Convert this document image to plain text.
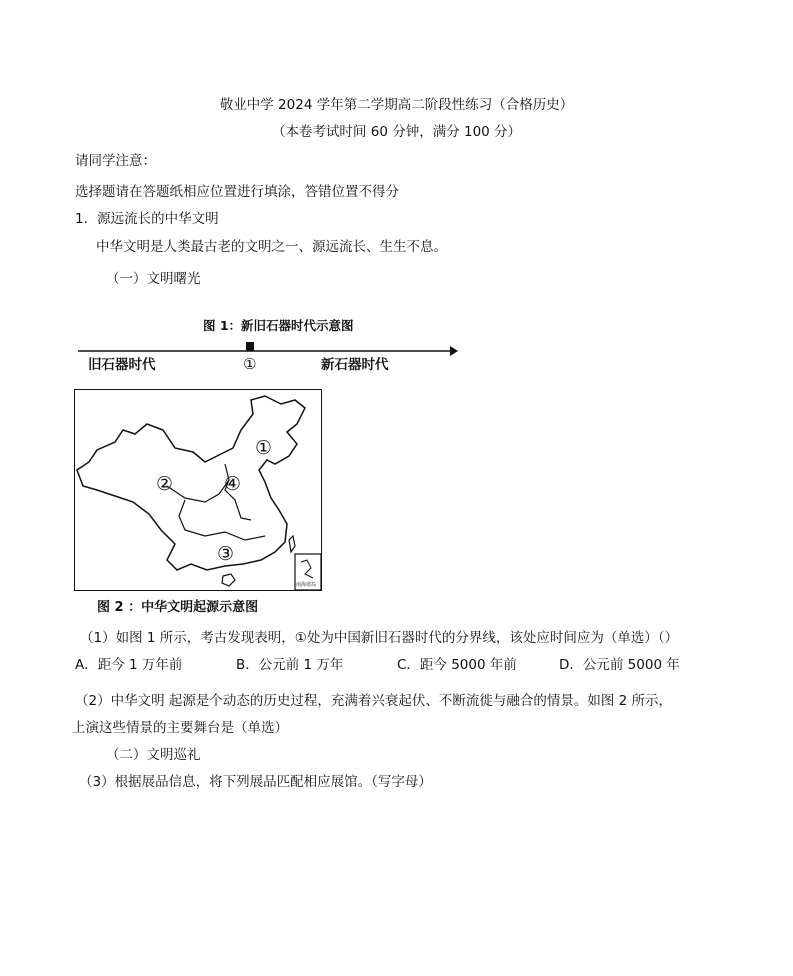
敬业中学 2024 学年第二学期高二阶段性练习（合格历史）
（本卷考试时间 60 分钟，满分 100 分）
请同学注意：
选择题请在答题纸相应位置进行填涂，答错位置不得分
1．源远流长的中华文明
中华文明是人类最古老的文明之一、源远流长、生生不息。
（一）文明曙光
图 1：新旧石器时代示意图
旧石器时代	新石器时代
①
南海诸岛
①
②
③
④
图 2 ：中华文明起源示意图
（1）如图 1 所示，考古发现表明，①处为中国新旧石器时代的分界线，该处应时间应为（单选）（）
A．距今 1 万年前	B．公元前 1 万年	C．距今 5000 年前	D．公元前 5000 年
（2）中华文明 起源是个动态的历史过程，充满着兴衰起伏、不断流徙与融合的情景。如图 2 所示，
上演这些情景的主要舞台是（单选）
（二）文明巡礼
（3）根据展品信息，将下列展品匹配相应展馆。（写字母）
